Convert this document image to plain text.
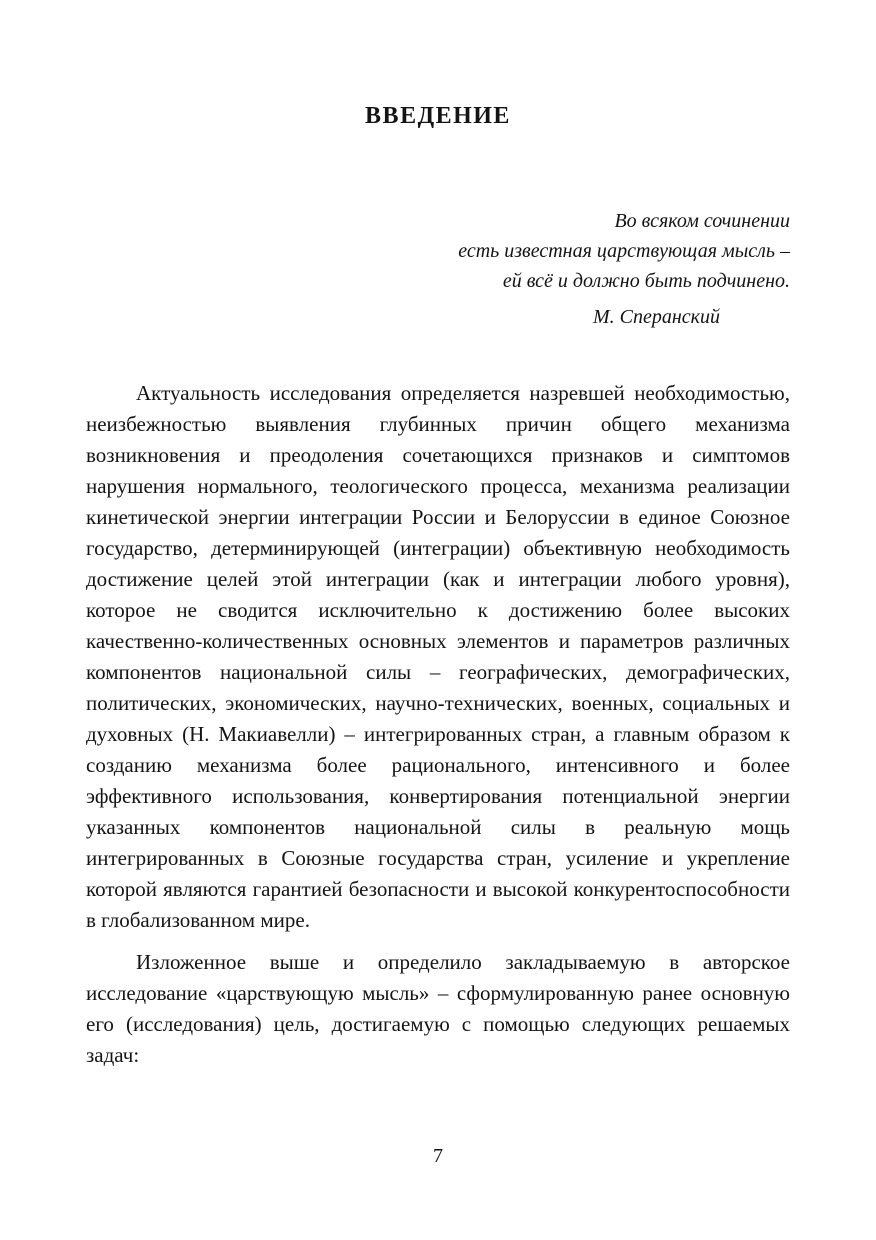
ВВЕДЕНИЕ
Во всяком сочинении
есть известная царствующая мысль –
ей всё и должно быть подчинено.
М. Сперанский

Актуальность исследования определяется назревшей необходимостью, неизбежностью выявления глубинных причин общего механизма возникновения и преодоления сочетающихся признаков и симптомов нарушения нормального, теологического процесса, механизма реализации кинетической энергии интеграции России и Белоруссии в единое Союзное государство, детерминирующей (интеграции) объективную необходимость достижение целей этой интеграции (как и интеграции любого уровня), которое не сводится исключительно к достижению более высоких качественно-количественных основных элементов и параметров различных компонентов национальной силы – географических, демографических, политических, экономических, научно-технических, военных, социальных и духовных (Н. Макиавелли) – интегрированных стран, а главным образом к созданию механизма более рационального, интенсивного и более эффективного использования, конвертирования потенциальной энергии указанных компонентов национальной силы в реальную мощь интегрированных в Союзные государства стран, усиление и укрепление которой являются гарантией безопасности и высокой конкурентоспособности в глобализованном мире.

Изложенное выше и определило закладываемую в авторское исследование «царствующую мысль» – сформулированную ранее основную его (исследования) цель, достигаемую с помощью следующих решаемых задач:

7
